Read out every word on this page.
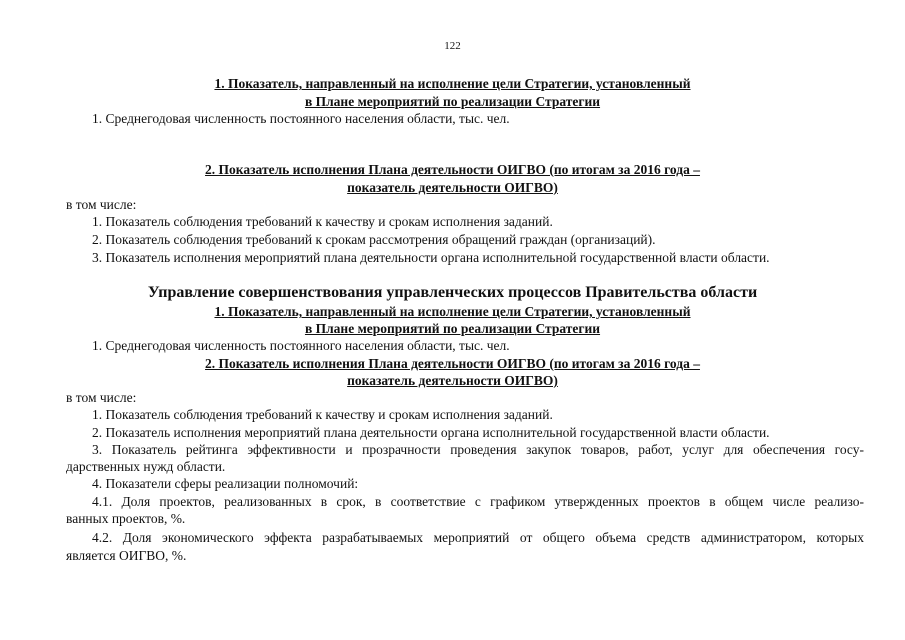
122
1. Показатель, направленный на исполнение цели Стратегии, установленный
в Плане мероприятий по реализации Стратегии
1. Среднегодовая численность постоянного населения области, тыс. чел.
2. Показатель исполнения Плана деятельности ОИГВО (по итогам за 2016 года –
показатель деятельности ОИГВО)
в том числе:
1. Показатель соблюдения требований к качеству и срокам исполнения заданий.
2. Показатель соблюдения требований к срокам рассмотрения обращений граждан (организаций).
3. Показатель исполнения мероприятий плана деятельности органа исполнительной государственной власти области.
Управление совершенствования управленческих процессов Правительства области
1. Показатель, направленный на исполнение цели Стратегии, установленный
в Плане мероприятий по реализации Стратегии
1. Среднегодовая численность постоянного населения области, тыс. чел.
2. Показатель исполнения Плана деятельности ОИГВО (по итогам за 2016 года –
показатель деятельности ОИГВО)
в том числе:
1. Показатель соблюдения требований к качеству и срокам исполнения заданий.
2. Показатель исполнения мероприятий плана деятельности органа исполнительной государственной власти области.
3. Показатель рейтинга эффективности и прозрачности проведения закупок товаров, работ, услуг для обеспечения госу-
дарственных нужд области.
4. Показатели сферы реализации полномочий:
4.1. Доля проектов, реализованных в срок, в соответствие с графиком утвержденных проектов в общем числе реализо-
ванных проектов, %.
4.2. Доля экономического эффекта разрабатываемых мероприятий от общего объема средств администратором, которых
является ОИГВО, %.
